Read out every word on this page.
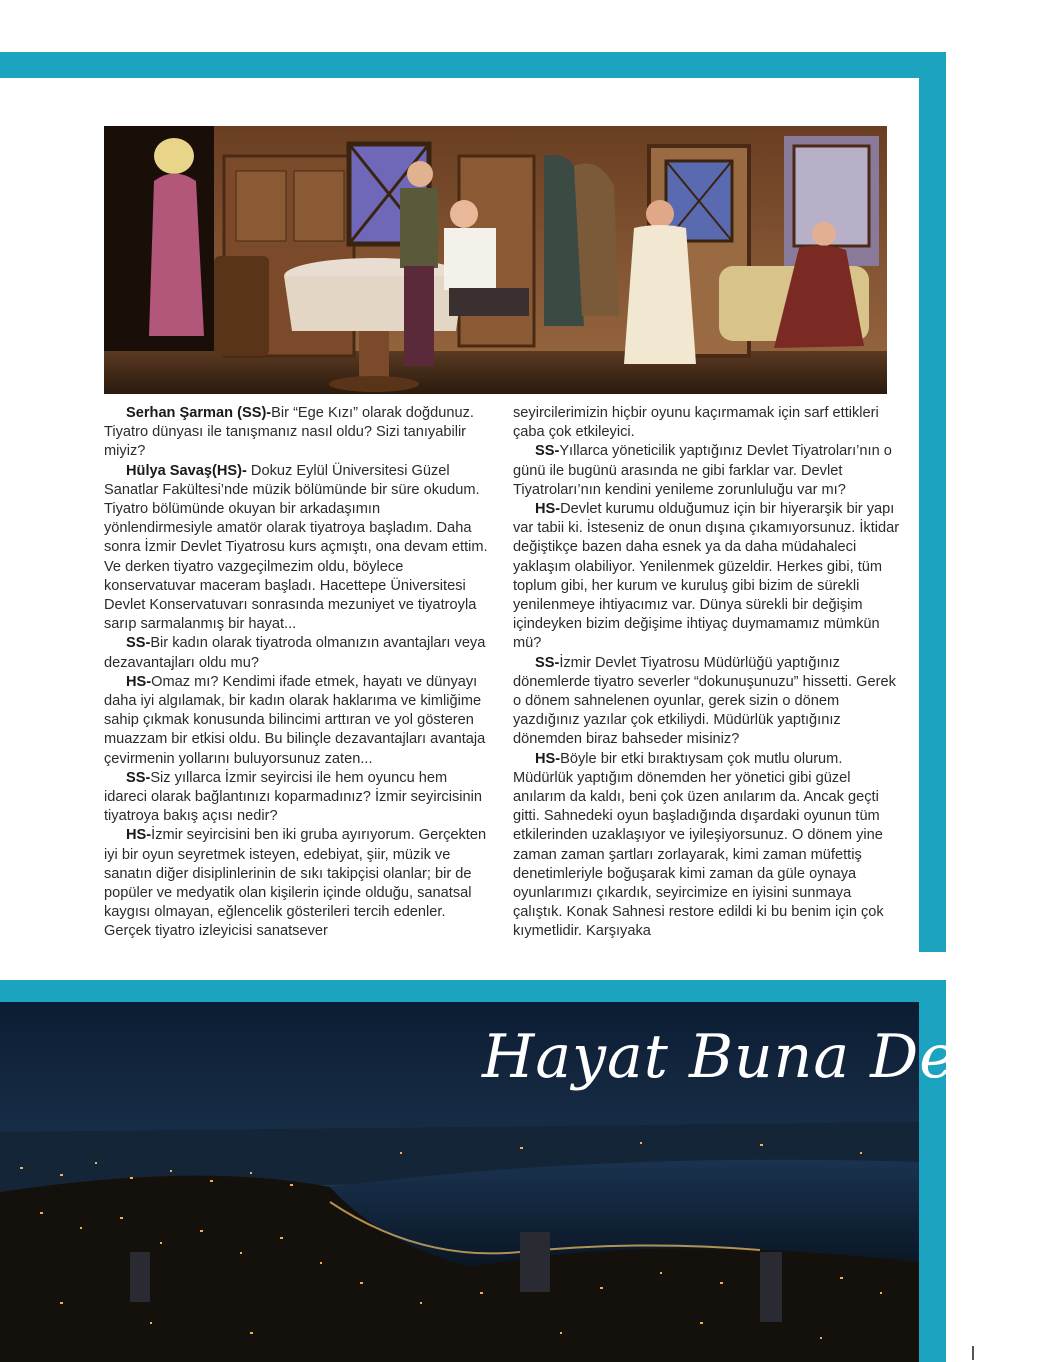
Serhan Şarman (SS)-Bir “Ege Kızı” olarak doğdunuz. Tiyatro dünyası ile tanışmanız nasıl oldu? Sizi tanıyabilir miyiz?

Hülya Savaş(HS)- Dokuz Eylül Üniversitesi Güzel Sanatlar Fakültesi’nde müzik bölümünde bir süre okudum. Tiyatro bölümünde okuyan bir arkadaşımın yönlendirmesiyle amatör olarak tiyatroya başladım. Daha sonra İzmir Devlet Tiyatrosu kurs açmıştı, ona devam ettim. Ve derken tiyatro vazgeçilmezim oldu, böylece konservatuvar maceram başladı. Hacettepe Üniversitesi Devlet Konservatuvarı sonrasında mezuniyet ve tiyatroyla sarıp sarmalanmış bir hayat...

SS-Bir kadın olarak tiyatroda olmanızın avantajları veya dezavantajları oldu mu?

HS-Omaz mı? Kendimi ifade etmek, hayatı ve dünyayı daha iyi algılamak, bir kadın olarak haklarıma ve kimliğime sahip çıkmak konusunda bilincimi arttıran ve yol gösteren muazzam bir etkisi oldu. Bu bilinçle dezavantajları avantaja çevirmenin yollarını buluyorsunuz zaten...

SS-Siz yıllarca İzmir seyircisi ile hem oyuncu hem idareci olarak bağlantınızı koparmadınız? İzmir seyircisinin tiyatroya bakış açısı nedir?

HS-İzmir seyircisini ben iki gruba ayırıyorum. Gerçekten iyi bir oyun seyretmek isteyen, edebiyat, şiir, müzik ve sanatın diğer disiplinlerinin de sıkı takipçisi olanlar; bir de popüler ve medyatik olan kişilerin içinde olduğu, sanatsal kaygısı olmayan, eğlencelik gösterileri tercih edenler. Gerçek tiyatro izleyicisi sanatsever

seyircilerimizin hiçbir oyunu kaçırmamak için sarf ettikleri çaba çok etkileyici.

SS-Yıllarca yöneticilik yaptığınız Devlet Tiyatroları’nın o günü ile bugünü arasında ne gibi farklar var. Devlet Tiyatroları’nın kendini yenileme zorunluluğu var mı?

HS-Devlet kurumu olduğumuz için bir hiyerarşik bir yapı var tabii ki. İsteseniz de onun dışına çıkamıyorsunuz. İktidar değiştikçe bazen daha esnek ya da daha müdahaleci yaklaşım olabiliyor. Yenilenmek güzeldir. Herkes gibi, tüm toplum gibi, her kurum ve kuruluş gibi bizim de sürekli yenilenmeye ihtiyacımız var. Dünya sürekli bir değişim içindeyken bizim değişime ihtiyaç duymamamız mümkün mü?

SS-İzmir Devlet Tiyatrosu Müdürlüğü yaptığınız dönemlerde tiyatro severler “dokunuşunuzu” hissetti. Gerek o dönem sahnelenen oyunlar, gerek sizin o dönem yazdığınız yazılar çok etkiliydi. Müdürlük yaptığınız dönemden biraz bahseder misiniz?

HS-Böyle bir etki bıraktıysam çok mutlu olurum. Müdürlük yaptığım dönemden her yönetici gibi güzel anılarım da kaldı, beni çok üzen anılarım da. Ancak geçti gitti. Sahnedeki oyun başladığında dışardaki oyunun tüm etkilerinden uzaklaşıyor ve iyileşiyorsunuz. O dönem yine zaman zaman şartları zorlayarak, kimi zaman müfettiş denetimleriyle boğuşarak kimi zaman da güle oynaya oyunlarımızı çıkardık, seyircimize en iyisini sunmaya çalıştık. Konak Sahnesi restore edildi ki bu benim için çok kıymetlidir. Karşıyaka

Hayat Buna Değer
